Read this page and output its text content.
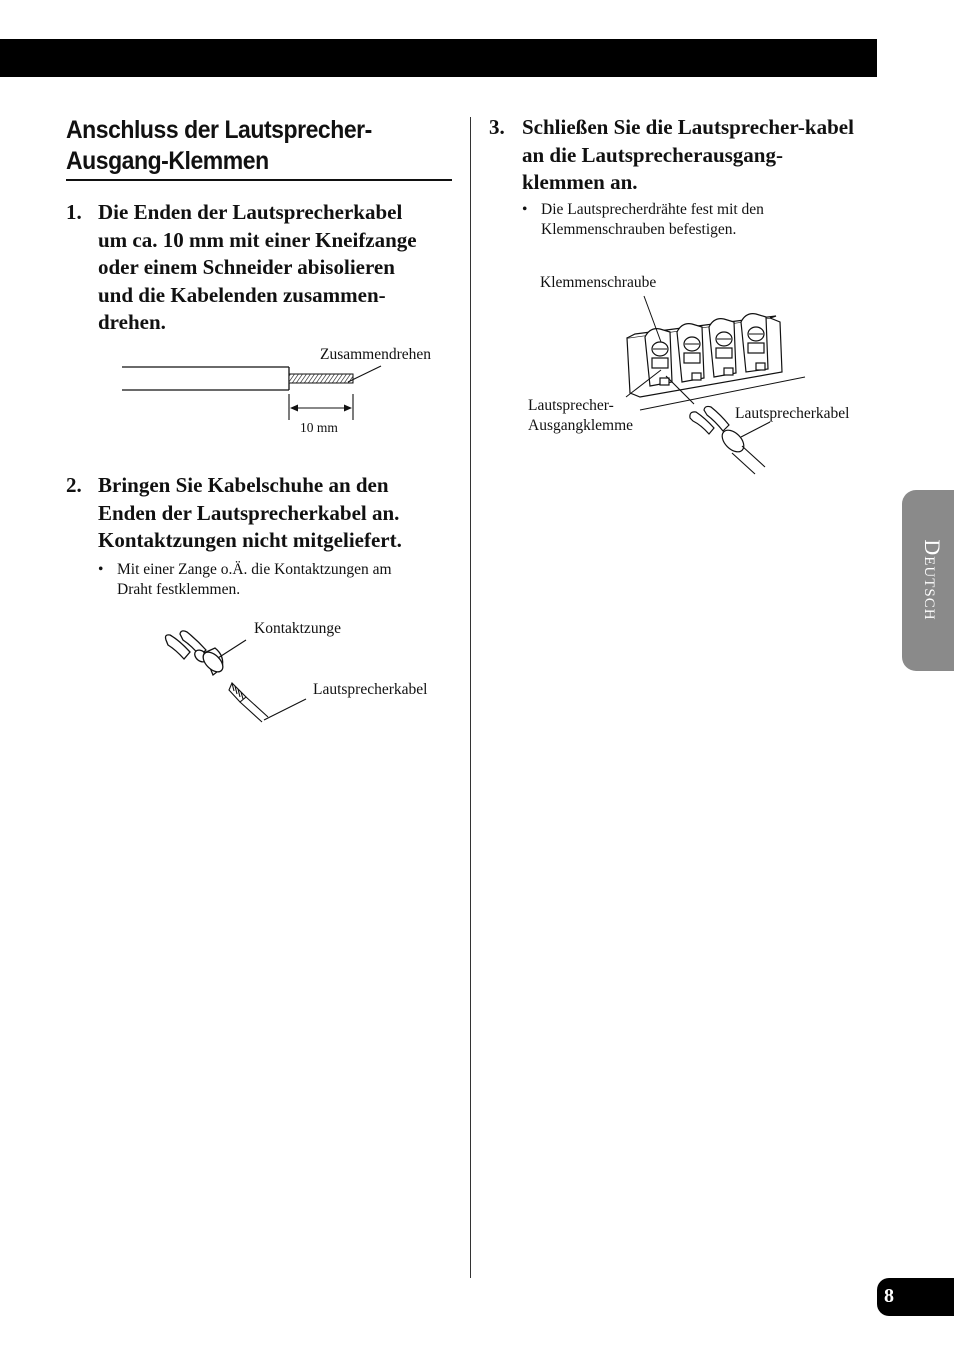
Anschluss der Lautsprecher-
Ausgang-Klemmen
1. Die Enden der Lautsprecherkabel
um ca. 10 mm mit einer Kneifzange
oder einem Schneider abisolieren
und die Kabelenden zusammen-
drehen.
Zusammendrehen
10 mm
2. Bringen Sie Kabelschuhe an den
Enden der Lautsprecherkabel an.
Kontaktzungen nicht mitgeliefert.
• Mit einer Zange o.Ä. die Kontaktzungen am
Draht festklemmen.
Kontaktzunge
Lautsprecherkabel
3. Schließen Sie die Lautsprecher-kabel
an die Lautsprecherausgang-
klemmen an.
• Die Lautsprecherdrähte fest mit den
Klemmenschrauben befestigen.
Klemmenschraube
Lautsprecher-
Ausgangklemme
Lautsprecherkabel
Deutsch
8
